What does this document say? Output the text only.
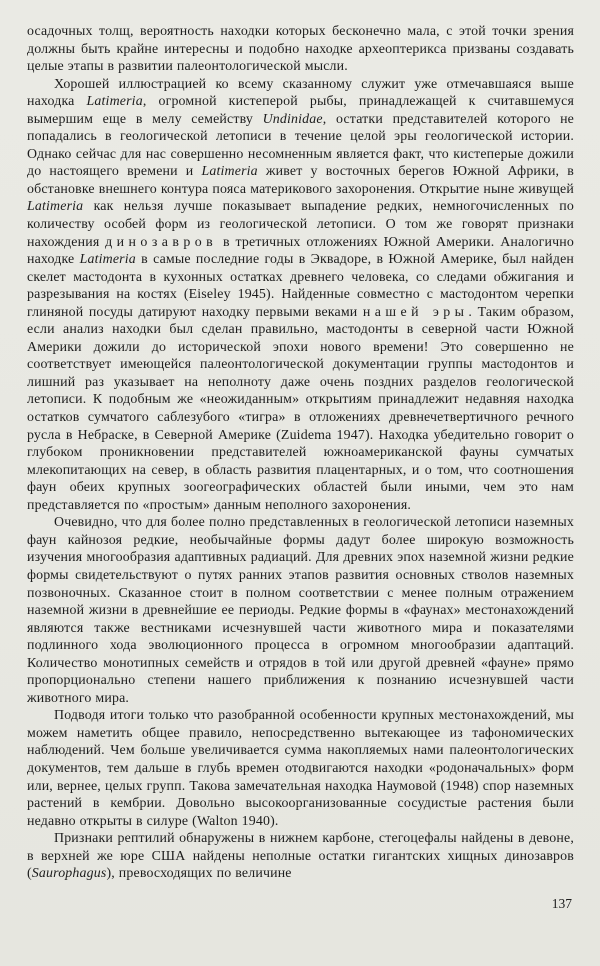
осадочных толщ, вероятность находки которых бесконечно мала, с этой точки зрения должны быть крайне интересны и подобно находке археоптерикса призваны создавать целые этапы в развитии палеонтологической мысли.

Хорошей иллюстрацией ко всему сказанному служит уже отмечавшаяся выше находка Latimeria, огромной кистеперой рыбы, принадлежащей к считавшемуся вымершим еще в мелу семейству Undinidae, остатки представителей которого не попадались в геологической летописи в течение целой эры геологической истории. Однако сейчас для нас совершенно несомненным является факт, что кистеперые дожили до настоящего времени и Latimeria живет у восточных берегов Южной Африки, в обстановке внешнего контура пояса материкового захоронения. Открытие ныне живущей Latimeria как нельзя лучше показывает выпадение редких, немногочисленных по количеству особей форм из геологической летописи. О том же говорят признаки нахождения динозавров в третичных отложениях Южной Америки. Аналогично находке Latimeria в самые последние годы в Эквадоре, в Южной Америке, был найден скелет мастодонта в кухонных остатках древнего человека, со следами обжигания и разрезывания на костях (Eiseley 1945). Найденные совместно с мастодонтом черепки глиняной посуды датируют находку первыми веками нашей эры. Таким образом, если анализ находки был сделан правильно, мастодонты в северной части Южной Америки дожили до исторической эпохи нового времени! Это совершенно не соответствует имеющейся палеонтологической документации группы мастодонтов и лишний раз указывает на неполноту даже очень поздних разделов геологической летописи. К подобным же «неожиданным» открытиям принадлежит недавняя находка остатков сумчатого саблезубого «тигра» в отложениях древнечетвертичного речного русла в Небраске, в Северной Америке (Zuidema 1947). Находка убедительно говорит о глубоком проникновении представителей южноамериканской фауны сумчатых млекопитающих на север, в область развития плацентарных, и о том, что соотношения фаун обеих крупных зоогеографических областей были иными, чем это нам представляется по «простым» данным неполного захоронения.

Очевидно, что для более полно представленных в геологической летописи наземных фаун кайнозоя редкие, необычайные формы дадут более широкую возможность изучения многообразия адаптивных радиаций. Для древних эпох наземной жизни редкие формы свидетельствуют о путях ранних этапов развития основных стволов наземных позвоночных. Сказанное стоит в полном соответствии с менее полным отражением наземной жизни в древнейшие ее периоды. Редкие формы в «фаунах» местонахождений являются также вестниками исчезнувшей части животного мира и показателями подлинного хода эволюционного процесса в огромном многообразии адаптаций. Количество монотипных семейств и отрядов в той или другой древней «фауне» прямо пропорционально степени нашего приближения к познанию исчезнувшей части животного мира.

Подводя итоги только что разобранной особенности крупных местонахождений, мы можем наметить общее правило, непосредственно вытекающее из тафономических наблюдений. Чем больше увеличивается сумма накопляемых нами палеонтологических документов, тем дальше в глубь времен отодвигаются находки «родоначальных» форм или, вернее, целых групп. Такова замечательная находка Наумовой (1948) спор наземных растений в кембрии. Довольно высокоорганизованные сосудистые растения были недавно открыты в силуре (Walton 1940).

Признаки рептилий обнаружены в нижнем карбоне, стегоцефалы найдены в девоне, в верхней же юре США найдены неполные остатки гигантских хищных динозавров (Saurophagus), превосходящих по величине

137
